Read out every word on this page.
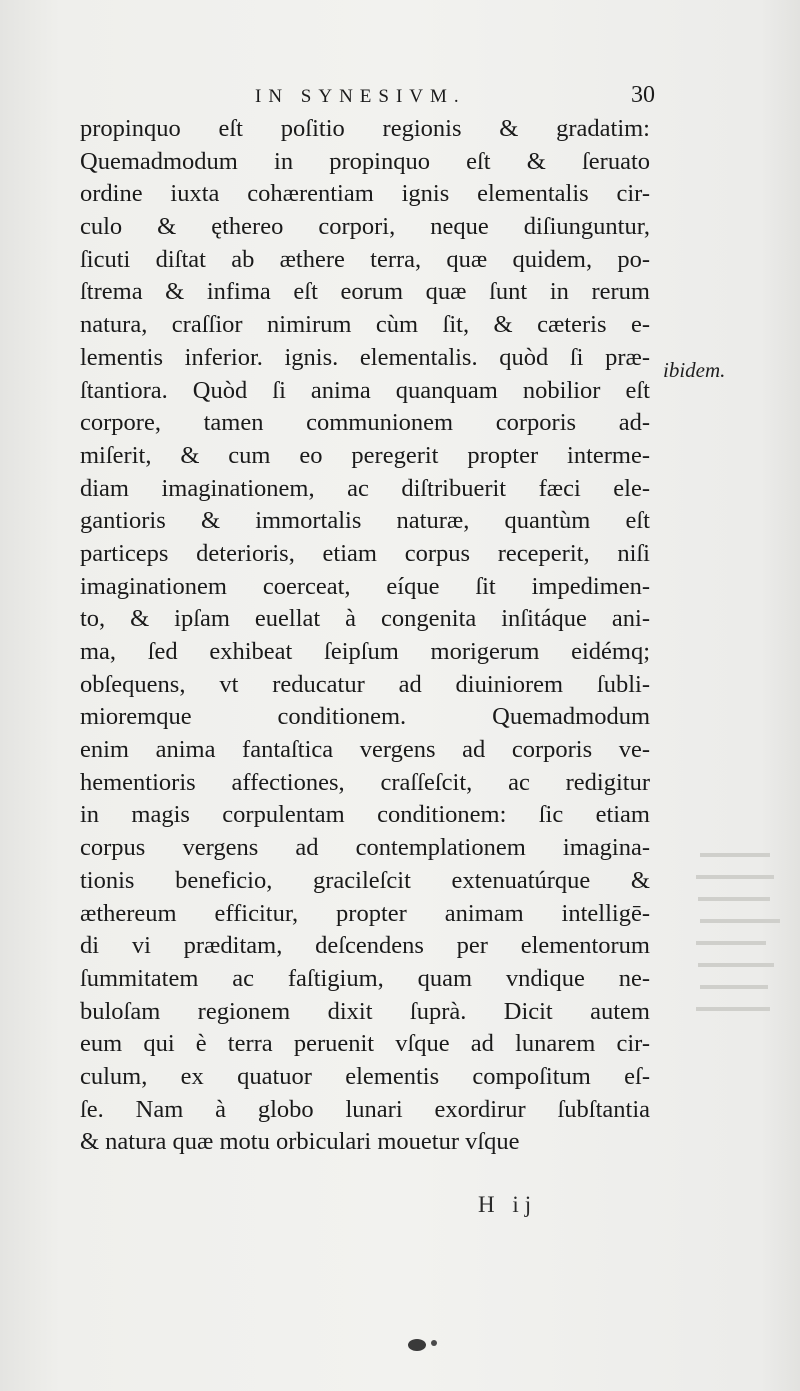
IN SYNESIVM.	30
propinquo eſt poſitio regionis & gradatim:
Quemadmodum in propinquo eſt & ſeruato
ordine iuxta cohærentiam ignis elementalis cir-
culo & ęthereo corpori, neque diſiunguntur,
ſicuti diſtat ab æthere terra, quæ quidem, po-
ſtrema & infima eſt eorum quæ ſunt in rerum
natura, craſſior nimirum cùm ſit, & cæteris e-
lementis inferior. ignis. elementalis. quòd ſi præ-
ſtantiora. Quòd ſi anima quanquam nobilior eſt
corpore, tamen communionem corporis ad-
miſerit, & cum eo peregerit propter interme-
diam imaginationem, ac diſtribuerit fæci ele-
gantioris & immortalis naturæ, quantùm eſt
particeps deterioris, etiam corpus receperit, niſi
imaginationem coerceat, eíque ſit impedimen-
to, & ipſam euellat à congenita inſitáque ani-
ma, ſed exhibeat ſeipſum morigerum eidémq;
obſequens, vt reducatur ad diuiniorem ſubli-
mioremque conditionem. Quemadmodum
enim anima fantaſtica vergens ad corporis ve-
hementioris affectiones, craſſeſcit, ac redigitur
in magis corpulentam conditionem: ſic etiam
corpus vergens ad contemplationem imagina-
tionis beneficio, gracileſcit extenuatúrque &
æthereum efficitur, propter animam intelligē-
di vi præditam, deſcendens per elementorum
ſummitatem ac faſtigium, quam vndique ne-
buloſam regionem dixit ſuprà. Dicit autem
eum qui è terra peruenit vſque ad lunarem cir-
culum, ex quatuor elementis compoſitum eſ-
ſe. Nam à globo lunari exordirur ſubſtantia
& natura quæ motu orbiculari mouetur vſque
ibidem.
H ij
